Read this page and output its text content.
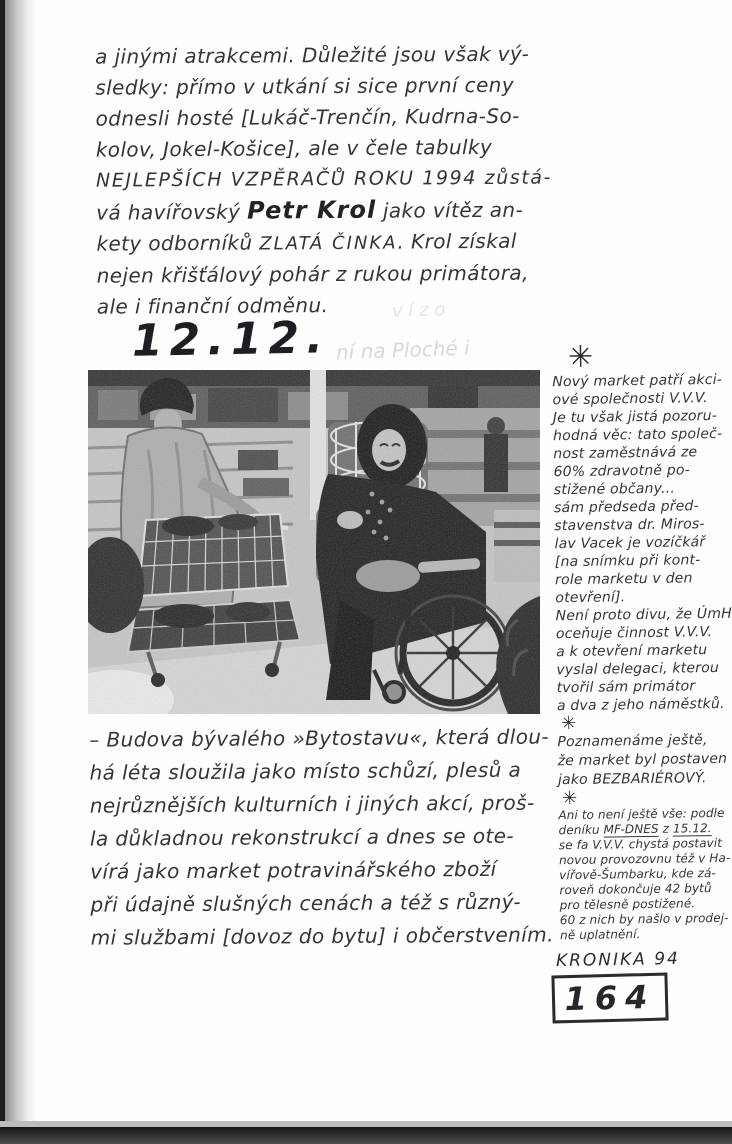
a jinými atrakcemi. Důležité jsou však vý-
sledky: přímo v utkání si sice první ceny
odnesli hosté [Lukáč-Trenčín, Kudrna-So-
kolov, Jokel-Košice], ale v čele tabulky
NEJLEPŠÍCH VZPĚRAČŮ ROKU 1994 zůstá-
vá havířovský Petr Krol jako vítěz an-
kety odborníků ZLATÁ ČINKA. Krol získal
nejen křišťálový pohár z rukou primátora,
ale i finanční odměnu.
12.12.
v í z o
ní na Ploché i
– Budova bývalého »Bytostavu«, která dlou-
há léta sloužila jako místo schůzí, plesů a
nejrůznějších kulturních i jiných akcí, proš-
la důkladnou rekonstrukcí a dnes se ote-
vírá jako market potravinářského zboží
při údajně slušných cenách a též s různý-
mi službami [dovoz do bytu] i občerstvením.
✳
Nový market patří akci-
ové společnosti V.V.V.
Je tu však jistá pozoru-
hodná věc: tato společ-
nost zaměstnává ze
60% zdravotně po-
stižené občany...
sám předseda před-
stavenstva dr. Miros-
lav Vacek je vozíčkář
[na snímku při kont-
role marketu v den
otevření].
Není proto divu, že ÚmH
oceňuje činnost V.V.V.
a k otevření marketu
vyslal delegaci, kterou
tvořil sám primátor
a dva z jeho náměstků.
✳
Poznamenáme ještě,
že market byl postaven
jako BEZBARIÉROVÝ.
✳
Ani to není ještě vše: podle
deníku MF-DNES z 15.12.
se fa V.V.V. chystá postavit
novou provozovnu též v Ha-
vířově-Šumbarku, kde zá-
roveň dokončuje 42 bytů
pro tělesně postižené.
60 z nich by našlo v prodej-
ně uplatnění.
KRONIKA 94
164
